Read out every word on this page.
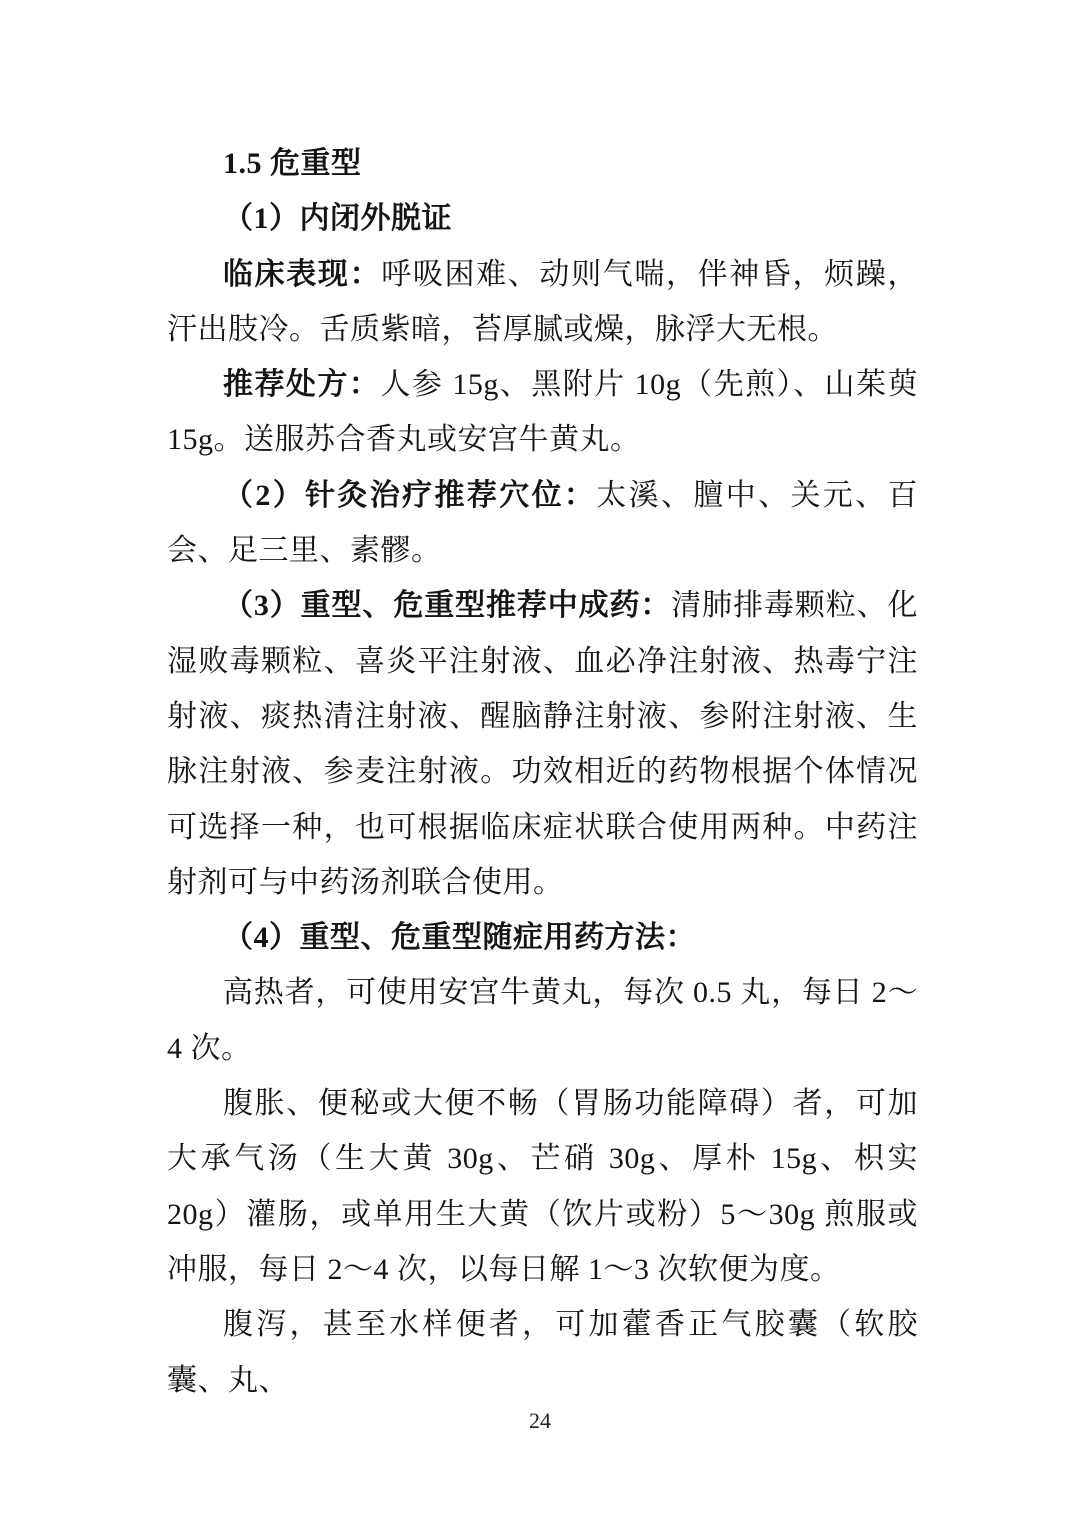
1.5 危重型

（1）内闭外脱证

临床表现：呼吸困难、动则气喘，伴神昏，烦躁，汗出肢冷。舌质紫暗，苔厚腻或燥，脉浮大无根。

推荐处方：人参 15g、黑附片 10g（先煎）、山茱萸 15g。送服苏合香丸或安宫牛黄丸。

（2）针灸治疗推荐穴位：太溪、膻中、关元、百会、足三里、素髎。

（3）重型、危重型推荐中成药：清肺排毒颗粒、化湿败毒颗粒、喜炎平注射液、血必净注射液、热毒宁注射液、痰热清注射液、醒脑静注射液、参附注射液、生脉注射液、参麦注射液。功效相近的药物根据个体情况可选择一种，也可根据临床症状联合使用两种。中药注射剂可与中药汤剂联合使用。

（4）重型、危重型随症用药方法：

高热者，可使用安宫牛黄丸，每次 0.5 丸，每日 2～4 次。

腹胀、便秘或大便不畅（胃肠功能障碍）者，可加大承气汤（生大黄 30g、芒硝 30g、厚朴 15g、枳实 20g）灌肠，或单用生大黄（饮片或粉）5～30g 煎服或冲服，每日 2～4 次，以每日解 1～3 次软便为度。

腹泻，甚至水样便者，可加藿香正气胶囊（软胶囊、丸、

24
